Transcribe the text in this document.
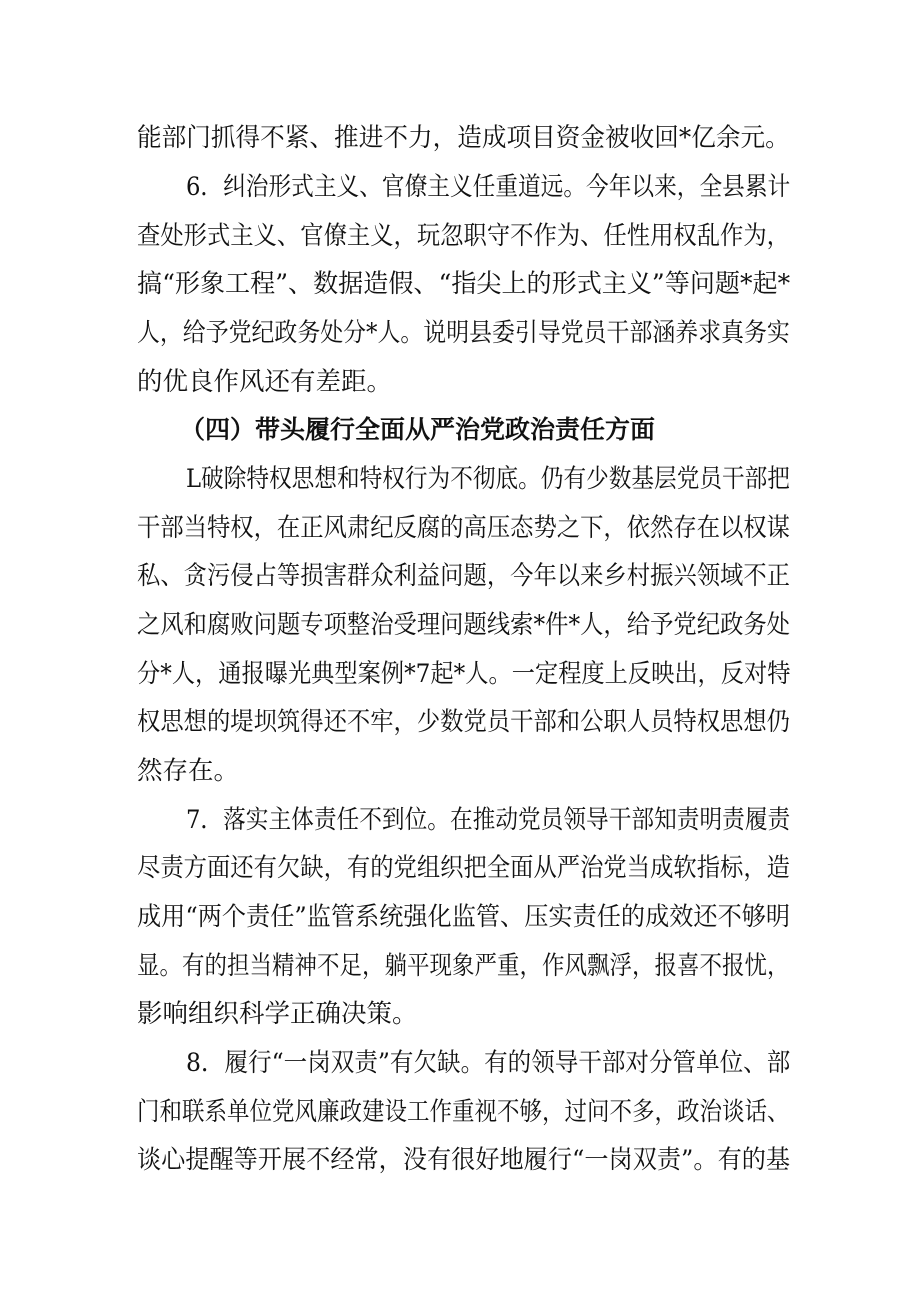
能部门抓得不紧、推进不力，造成项目资金被收回*亿余元。
6．纠治形式主义、官僚主义任重道远。今年以来，全县累计
查处形式主义、官僚主义，玩忽职守不作为、任性用权乱作为，
搞“形象工程”、数据造假、“指尖上的形式主义”等问题*起*
人，给予党纪政务处分*人。说明县委引导党员干部涵养求真务实
的优良作风还有差距。
（四）带头履行全面从严治党政治责任方面
L破除特权思想和特权行为不彻底。仍有少数基层党员干部把
干部当特权，在正风肃纪反腐的高压态势之下，依然存在以权谋
私、贪污侵占等损害群众利益问题，今年以来乡村振兴领域不正
之风和腐败问题专项整治受理问题线索*件*人，给予党纪政务处
分*人，通报曝光典型案例*7起*人。一定程度上反映出，反对特
权思想的堤坝筑得还不牢，少数党员干部和公职人员特权思想仍
然存在。
7．落实主体责任不到位。在推动党员领导干部知责明责履责
尽责方面还有欠缺，有的党组织把全面从严治党当成软指标，造
成用“两个责任”监管系统强化监管、压实责任的成效还不够明
显。有的担当精神不足，躺平现象严重，作风飘浮，报喜不报忧，
影响组织科学正确决策。
8．履行“一岗双责”有欠缺。有的领导干部对分管单位、部
门和联系单位党风廉政建设工作重视不够，过问不多，政治谈话、
谈心提醒等开展不经常，没有很好地履行“一岗双责”。有的基
